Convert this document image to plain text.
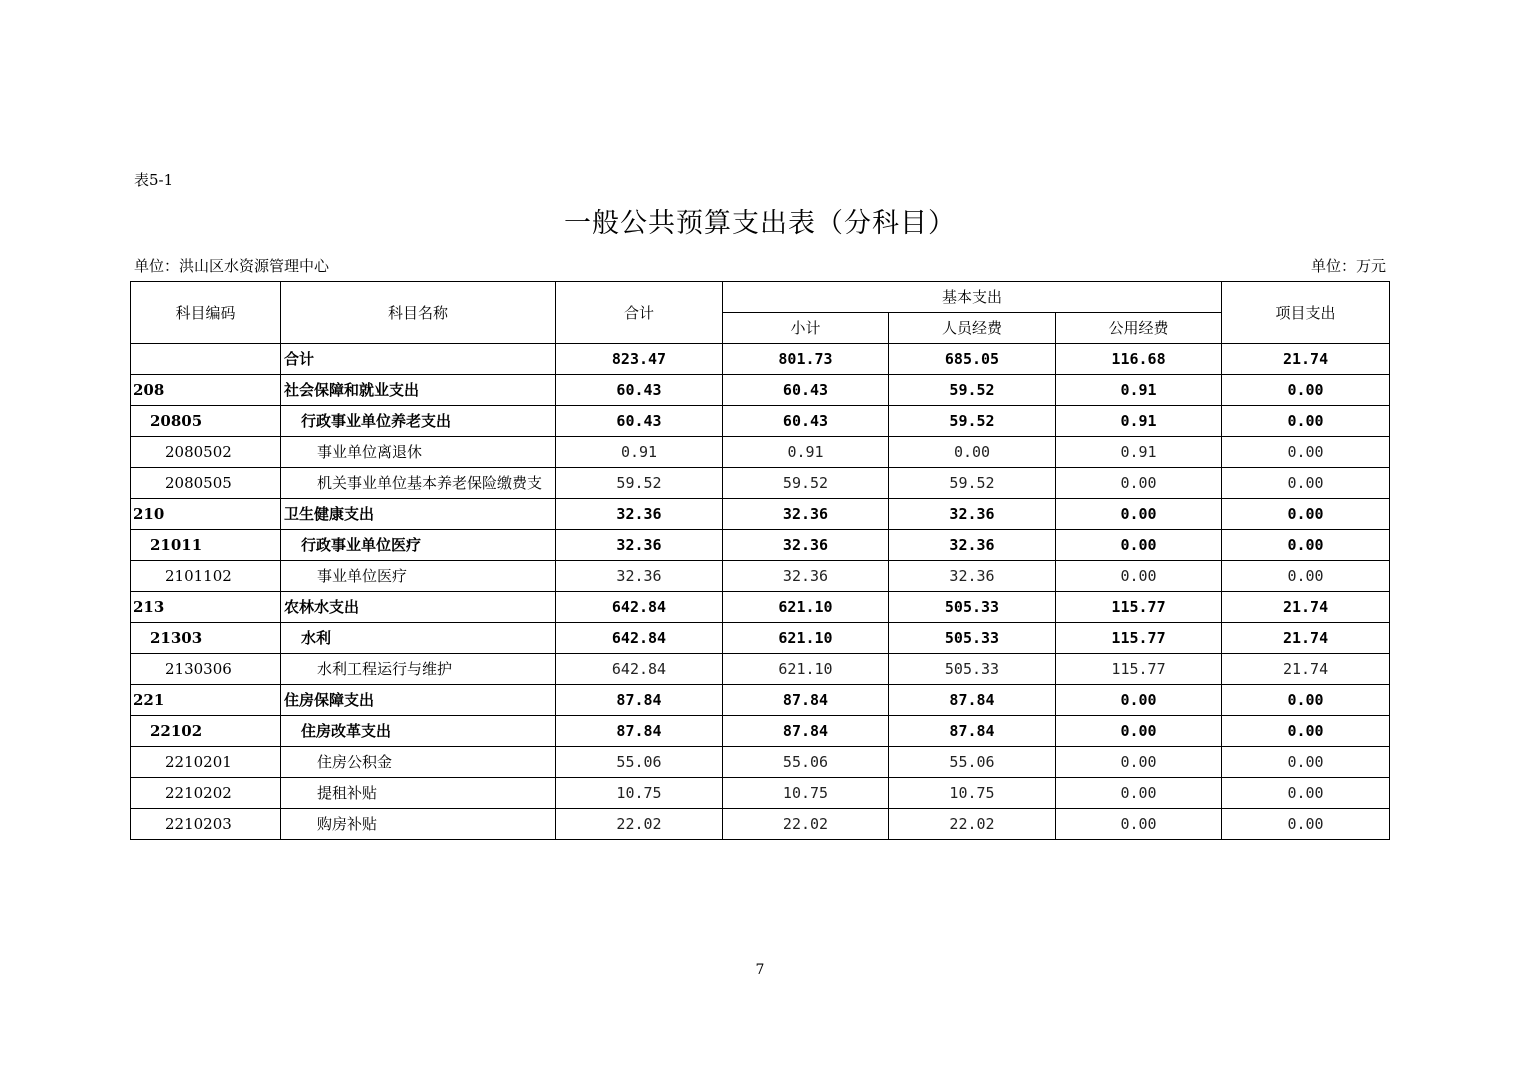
表5-1
一般公共预算支出表（分科目）
单位：洪山区水资源管理中心	单位：万元
科目编码	科目名称	合计	基本支出			项目支出
			小计	人员经费	公用经费	
	合计	823.47	801.73	685.05	116.68	21.74
208	社会保障和就业支出	60.43	60.43	59.52	0.91	0.00
20805	行政事业单位养老支出	60.43	60.43	59.52	0.91	0.00
2080502	事业单位离退休	0.91	0.91	0.00	0.91	0.00
2080505	机关事业单位基本养老保险缴费支	59.52	59.52	59.52	0.00	0.00
210	卫生健康支出	32.36	32.36	32.36	0.00	0.00
21011	行政事业单位医疗	32.36	32.36	32.36	0.00	0.00
2101102	事业单位医疗	32.36	32.36	32.36	0.00	0.00
213	农林水支出	642.84	621.10	505.33	115.77	21.74
21303	水利	642.84	621.10	505.33	115.77	21.74
2130306	水利工程运行与维护	642.84	621.10	505.33	115.77	21.74
221	住房保障支出	87.84	87.84	87.84	0.00	0.00
22102	住房改革支出	87.84	87.84	87.84	0.00	0.00
2210201	住房公积金	55.06	55.06	55.06	0.00	0.00
2210202	提租补贴	10.75	10.75	10.75	0.00	0.00
2210203	购房补贴	22.02	22.02	22.02	0.00	0.00
7
